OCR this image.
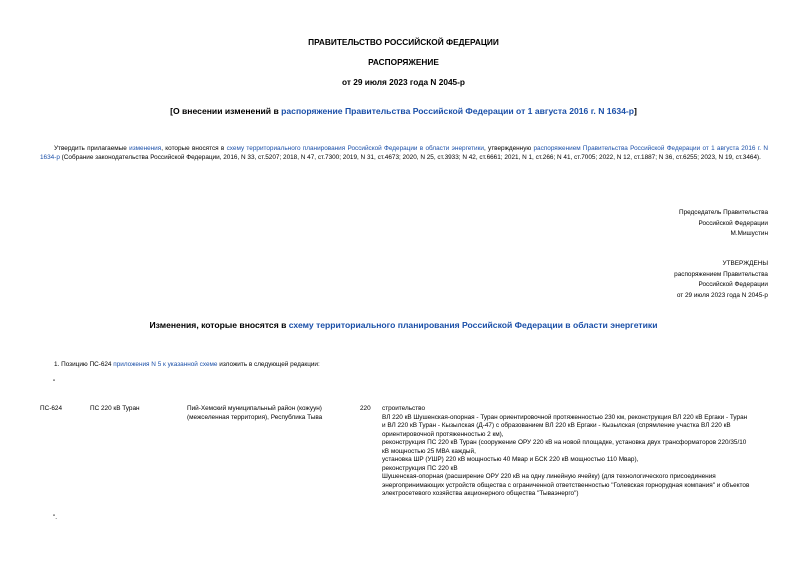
ПРАВИТЕЛЬСТВО РОССИЙСКОЙ ФЕДЕРАЦИИ
РАСПОРЯЖЕНИЕ
от 29 июля 2023 года N 2045-р
[О внесении изменений в распоряжение Правительства Российской Федерации от 1 августа 2016 г. N 1634-р]
Утвердить прилагаемые изменения, которые вносятся в схему территориального планирования Российской Федерации в области энергетики, утвержденную распоряжением Правительства Российской Федерации от 1 августа 2016 г. N 1634-р (Собрание законодательства Российской Федерации, 2016, N 33, ст.5207; 2018, N 47, ст.7300; 2019, N 31, ст.4673; 2020, N 25, ст.3933; N 42, ст.6661; 2021, N 1, ст.266; N 41, ст.7005; 2022, N 12, ст.1887; N 36, ст.6255; 2023, N 19, ст.3464).
Председатель Правительства
Российской Федерации
М.Мишустин
УТВЕРЖДЕНЫ
распоряжением Правительства
Российской Федерации
от 29 июля 2023 года N 2045-р
Изменения, которые вносятся в схему территориального планирования Российской Федерации в области энергетики
1. Позицию ПС-624 приложения N 5 к указанной схеме изложить в следующей редакции:
"
ПС-624	ПС 220 кВ Туран	Пий-Хемский муниципальный район (кожуун) (межселенная территория), Республика Тыва
220 строительство
ВЛ 220 кВ Шушенская-опорная - Туран ориентировочной протяженностью 230 км, реконструкция ВЛ 220 кВ Ергаки - Туран
и ВЛ 220 кВ Туран - Кызылская (Д-47) с образованием ВЛ 220 кВ Ергаки - Кызылская (спрямление участка ВЛ 220 кВ
ориентировочной протяженностью 2 км),
реконструкция ПС 220 кВ Туран (сооружение ОРУ 220 кВ на новой площадке, установка двух трансформаторов 220/35/10
кВ мощностью 25 МВА каждый,
установка ШР (УШР) 220 кВ мощностью 40 Мвар и БСК 220 кВ мощностью 110 Мвар),
реконструкция ПС 220 кВ
Шушенская-опорная (расширение ОРУ 220 кВ на одну линейную ячейку) (для технологического присоединения
энергопринимающих устройств общества с ограниченной ответственностью "Голевская горнорудная компания" и объектов
электросетевого хозяйства акционерного общества "Тываэнерго")
".
